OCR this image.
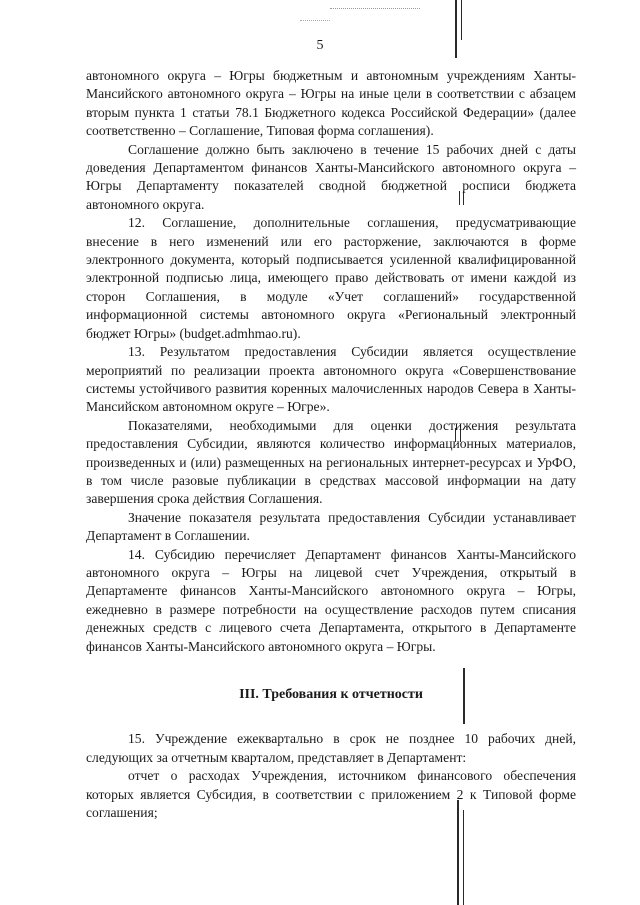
5

автономного округа – Югры бюджетным и автономным учреждениям Ханты-Мансийского автономного округа – Югры на иные цели в соответствии с абзацем вторым пункта 1 статьи 78.1 Бюджетного кодекса Российской Федерации» (далее соответственно – Соглашение, Типовая форма соглашения).

Соглашение должно быть заключено в течение 15 рабочих дней с даты доведения Департаментом финансов Ханты-Мансийского автономного округа – Югры Департаменту показателей сводной бюджетной росписи бюджета автономного округа.

12. Соглашение, дополнительные соглашения, предусматривающие внесение в него изменений или его расторжение, заключаются в форме электронного документа, который подписывается усиленной квалифицированной электронной подписью лица, имеющего право действовать от имени каждой из сторон Соглашения, в модуле «Учет соглашений» государственной информационной системы автономного округа «Региональный электронный бюджет Югры» (budget.admhmao.ru).

13. Результатом предоставления Субсидии является осуществление мероприятий по реализации проекта автономного округа «Совершенствование системы устойчивого развития коренных малочисленных народов Севера в Ханты-Мансийском автономном округе – Югре».

Показателями, необходимыми для оценки достижения результата предоставления Субсидии, являются количество информационных материалов, произведенных и (или) размещенных на региональных интернет-ресурсах и УрФО, в том числе разовые публикации в средствах массовой информации на дату завершения срока действия Соглашения.

Значение показателя результата предоставления Субсидии устанавливает Департамент в Соглашении.

14. Субсидию перечисляет Департамент финансов Ханты-Мансийского автономного округа – Югры на лицевой счет Учреждения, открытый в Департаменте финансов Ханты-Мансийского автономного округа – Югры, ежедневно в размере потребности на осуществление расходов путем списания денежных средств с лицевого счета Департамента, открытого в Департаменте финансов Ханты-Мансийского автономного округа – Югры.

III. Требования к отчетности

15. Учреждение ежеквартально в срок не позднее 10 рабочих дней, следующих за отчетным кварталом, представляет в Департамент:

отчет о расходах Учреждения, источником финансового обеспечения которых является Субсидия, в соответствии с приложением 2 к Типовой форме соглашения;
